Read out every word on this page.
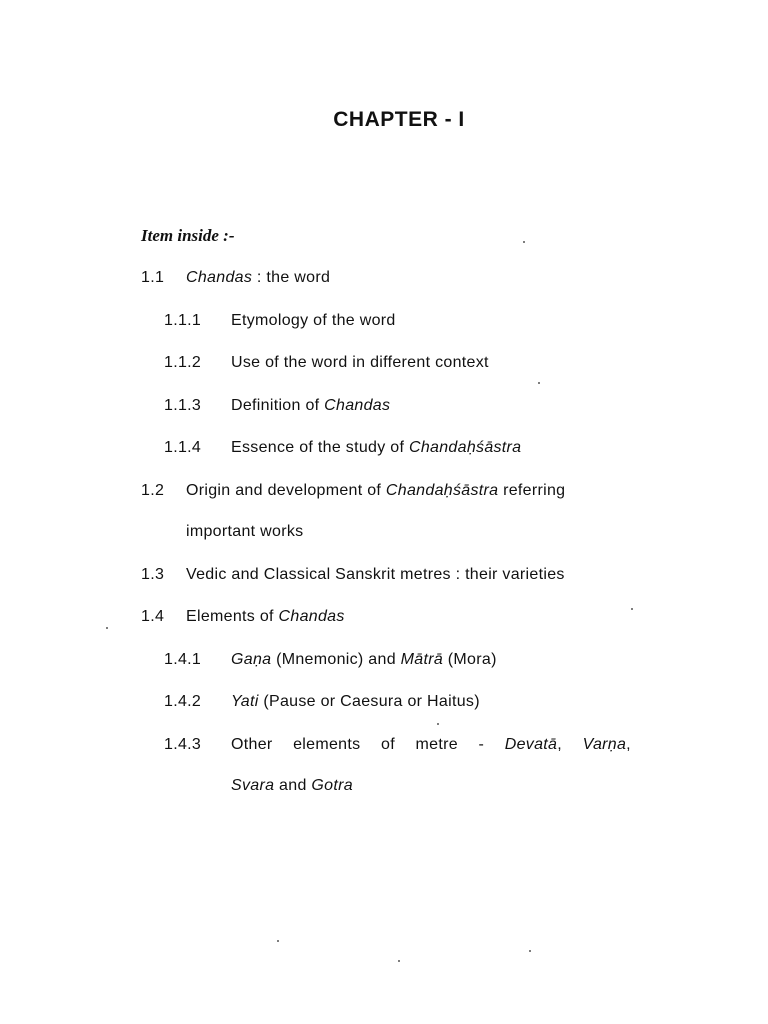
CHAPTER - I
Item inside :-
1.1 Chandas : the word
1.1.1 Etymology of the word
1.1.2 Use of the word in different context
1.1.3 Definition of Chandas
1.1.4 Essence of the study of Chandaḥśāstra
1.2 Origin and development of Chandaḥśāstra referring
important works
1.3 Vedic and Classical Sanskrit metres : their varieties
1.4 Elements of Chandas
1.4.1 Gaṇa (Mnemonic) and Mātrā (Mora)
1.4.2 Yati (Pause or Caesura or Haitus)
1.4.3 Other elements of metre - Devatā, Varṇa,
Svara and Gotra
